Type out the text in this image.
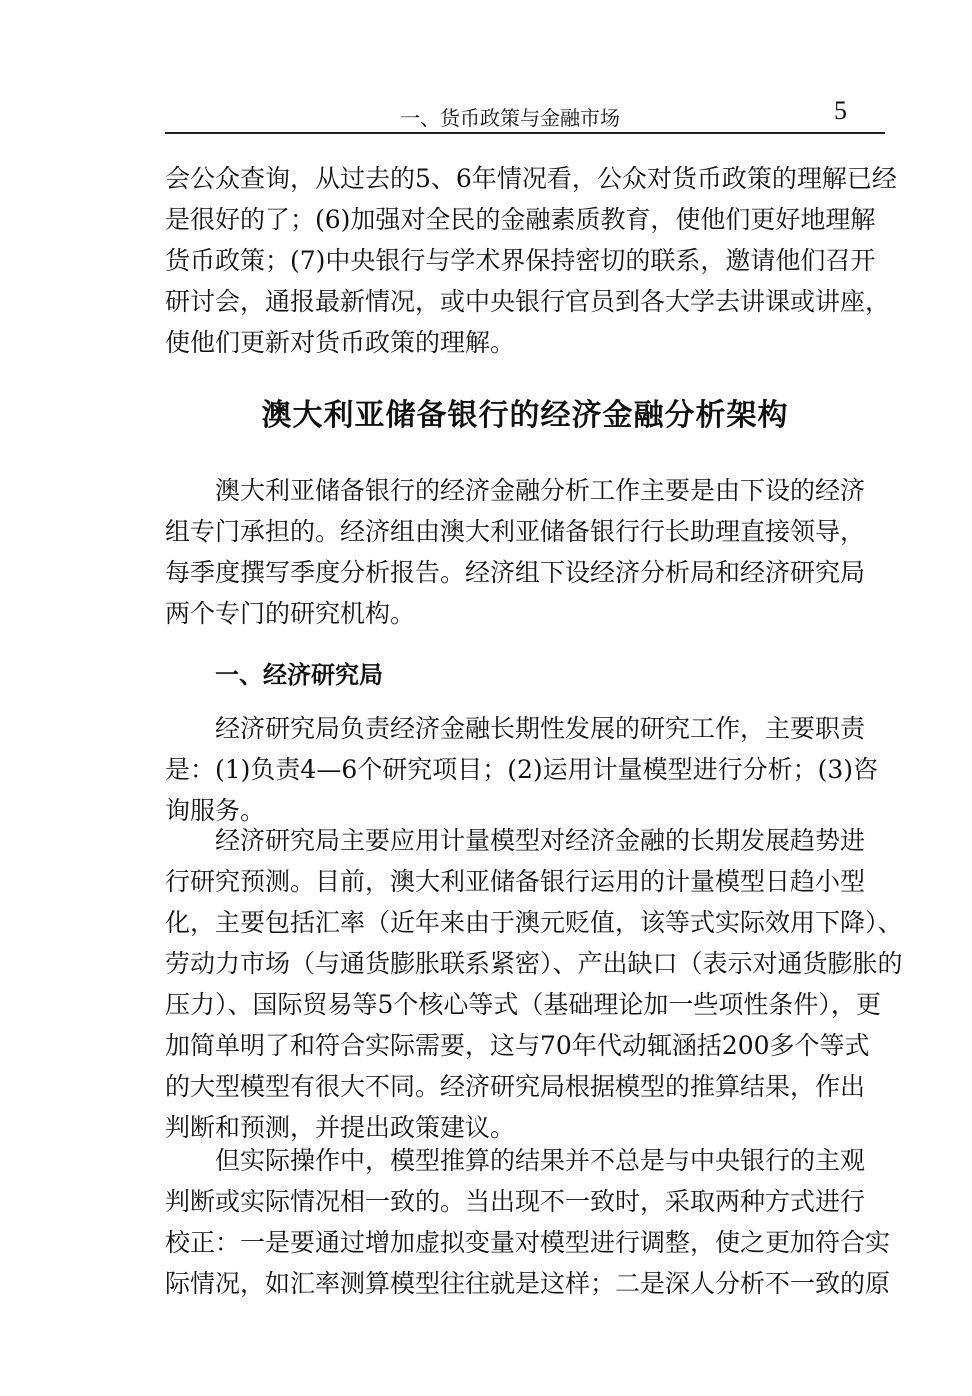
一、货币政策与金融市场	5
会公众查询，从过去的5、6年情况看，公众对货币政策的理解已经
是很好的了；(6)加强对全民的金融素质教育，使他们更好地理解
货币政策；(7)中央银行与学术界保持密切的联系，邀请他们召开
研讨会，通报最新情况，或中央银行官员到各大学去讲课或讲座，
使他们更新对货币政策的理解。
澳大利亚储备银行的经济金融分析架构
澳大利亚储备银行的经济金融分析工作主要是由下设的经济
组专门承担的。经济组由澳大利亚储备银行行长助理直接领导，
每季度撰写季度分析报告。经济组下设经济分析局和经济研究局
两个专门的研究机构。
一、经济研究局
经济研究局负责经济金融长期性发展的研究工作，主要职责
是：(1)负责4—6个研究项目；(2)运用计量模型进行分析；(3)咨
询服务。
经济研究局主要应用计量模型对经济金融的长期发展趋势进
行研究预测。目前，澳大利亚储备银行运用的计量模型日趋小型
化，主要包括汇率（近年来由于澳元贬值，该等式实际效用下降）、
劳动力市场（与通货膨胀联系紧密）、产出缺口（表示对通货膨胀的
压力）、国际贸易等5个核心等式（基础理论加一些项性条件），更
加简单明了和符合实际需要，这与70年代动辄涵括200多个等式
的大型模型有很大不同。经济研究局根据模型的推算结果，作出
判断和预测，并提出政策建议。
但实际操作中，模型推算的结果并不总是与中央银行的主观
判断或实际情况相一致的。当出现不一致时，采取两种方式进行
校正：一是要通过增加虚拟变量对模型进行调整，使之更加符合实
际情况，如汇率测算模型往往就是这样；二是深人分析不一致的原
